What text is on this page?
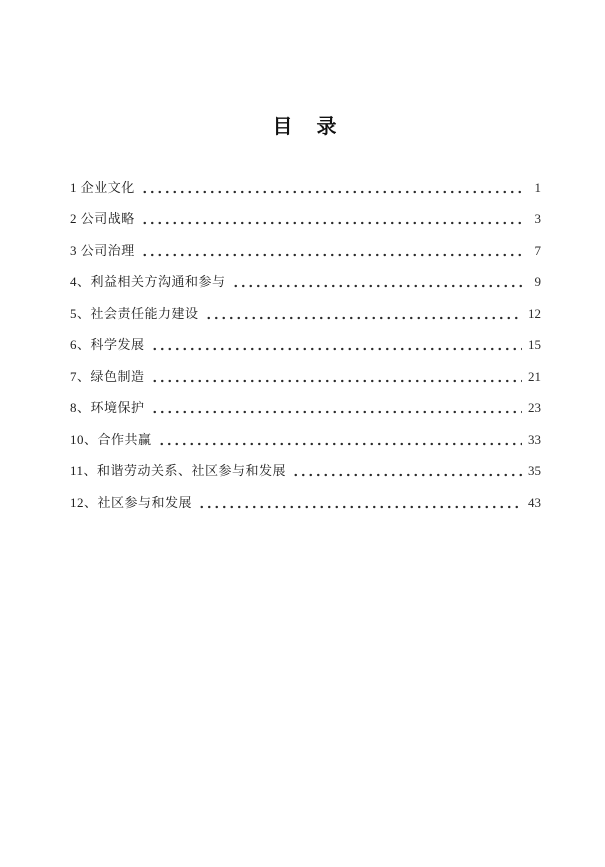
目　录
1 企业文化	1
2 公司战略	3
3 公司治理	7
4、利益相关方沟通和参与	9
5、社会责任能力建设	12
6、科学发展	15
7、绿色制造	21
8、环境保护	23
10、合作共赢	33
11、和谐劳动关系、社区参与和发展	35
12、社区参与和发展	43
